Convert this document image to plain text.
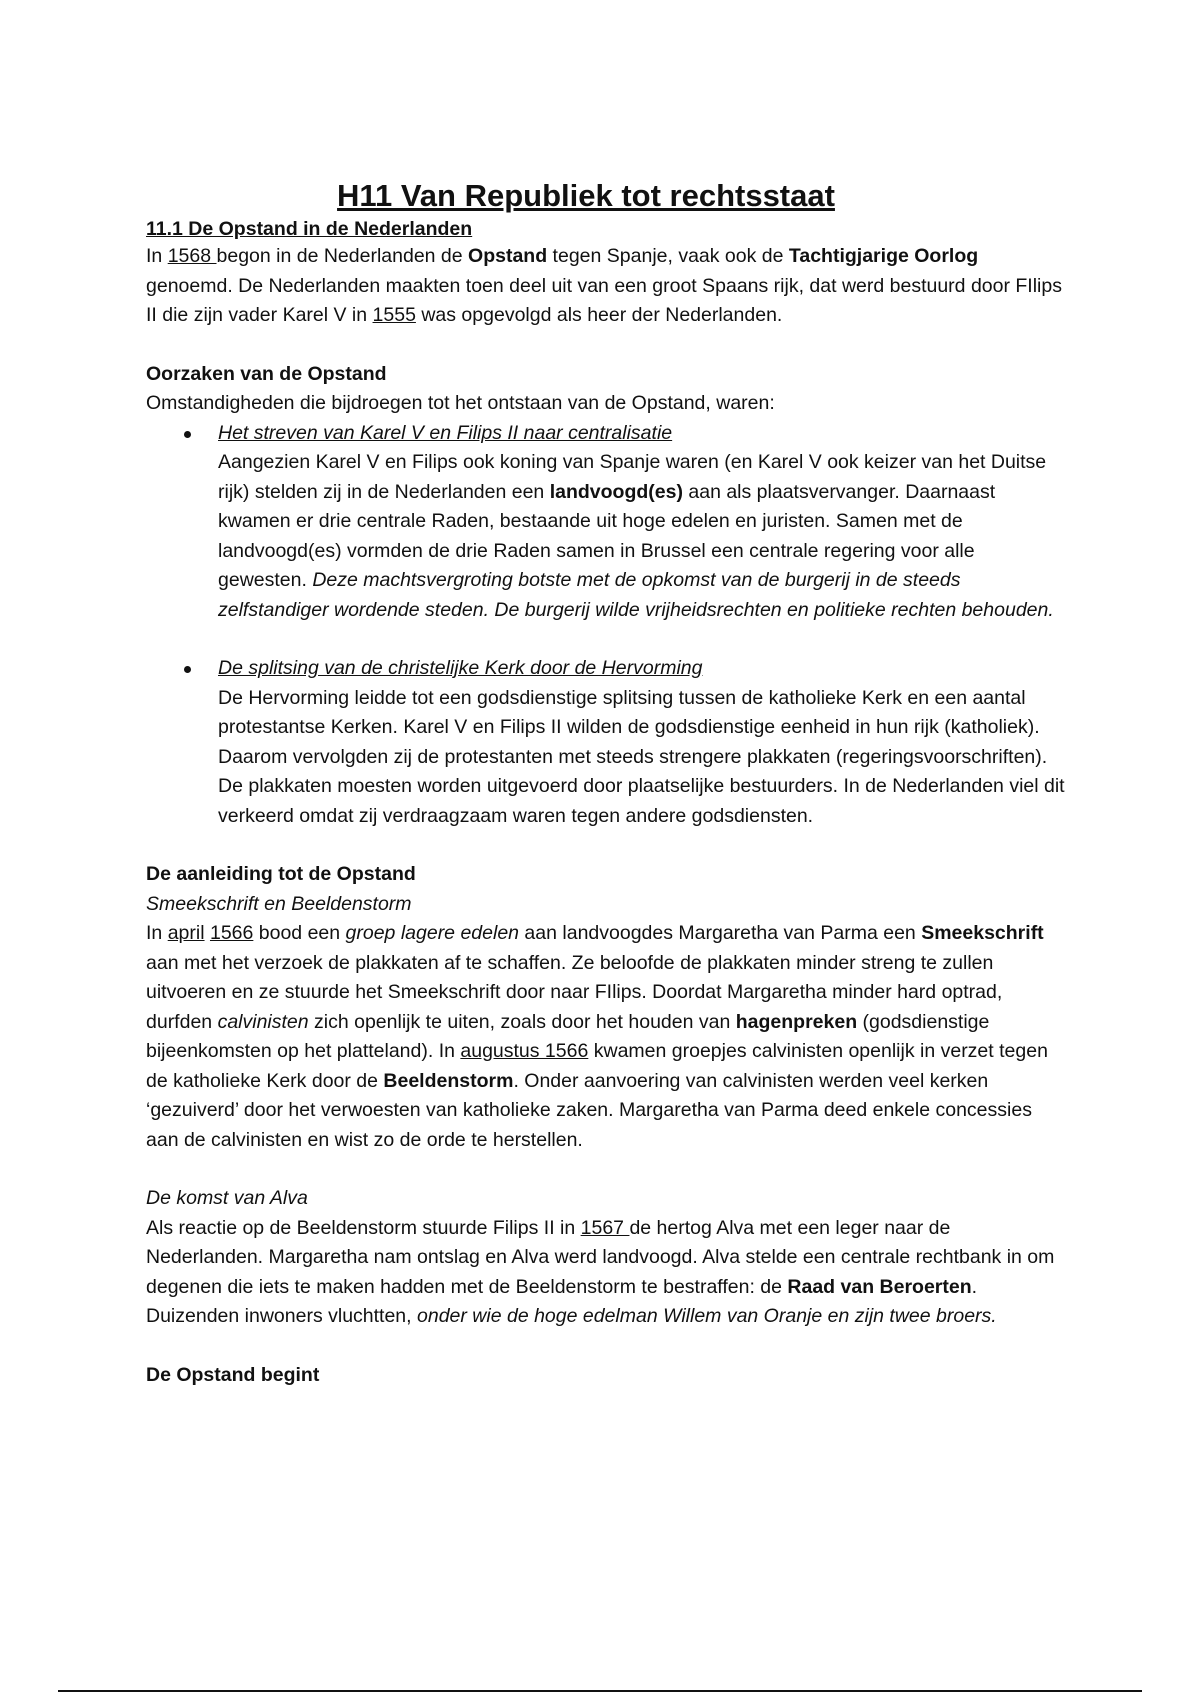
H11 Van Republiek tot rechtsstaat
11.1 De Opstand in de Nederlanden

In 1568 begon in de Nederlanden de Opstand tegen Spanje, vaak ook de Tachtigjarige Oorlog genoemd. De Nederlanden maakten toen deel uit van een groot Spaans rijk, dat werd bestuurd door FIlips II die zijn vader Karel V in 1555 was opgevolgd als heer der Nederlanden.

Oorzaken van de Opstand

Omstandigheden die bijdroegen tot het ontstaan van de Opstand, waren:

Het streven van Karel V en Filips II naar centralisatie
Aangezien Karel V en Filips ook koning van Spanje waren (en Karel V ook keizer van het Duitse rijk) stelden zij in de Nederlanden een landvoogd(es) aan als plaatsvervanger. Daarnaast kwamen er drie centrale Raden, bestaande uit hoge edelen en juristen. Samen met de landvoogd(es) vormden de drie Raden samen in Brussel een centrale regering voor alle gewesten. Deze machtsvergroting botste met de opkomst van de burgerij in de steeds zelfstandiger wordende steden. De burgerij wilde vrijheidsrechten en politieke rechten behouden.
De splitsing van de christelijke Kerk door de Hervorming
De Hervorming leidde tot een godsdienstige splitsing tussen de katholieke Kerk en een aantal protestantse Kerken. Karel V en Filips II wilden de godsdienstige eenheid in hun rijk (katholiek). Daarom vervolgden zij de protestanten met steeds strengere plakkaten (regeringsvoorschriften). De plakkaten moesten worden uitgevoerd door plaatselijke bestuurders. In de Nederlanden viel dit verkeerd omdat zij verdraagzaam waren tegen andere godsdiensten.

De aanleiding tot de Opstand

Smeekschrift en Beeldenstorm

In april 1566 bood een groep lagere edelen aan landvoogdes Margaretha van Parma een Smeekschrift aan met het verzoek de plakkaten af te schaffen. Ze beloofde de plakkaten minder streng te zullen uitvoeren en ze stuurde het Smeekschrift door naar FIlips. Doordat Margaretha minder hard optrad, durfden calvinisten zich openlijk te uiten, zoals door het houden van hagenpreken (godsdienstige bijeenkomsten op het platteland). In augustus 1566 kwamen groepjes calvinisten openlijk in verzet tegen de katholieke Kerk door de Beeldenstorm. Onder aanvoering van calvinisten werden veel kerken ‘gezuiverd’ door het verwoesten van katholieke zaken. Margaretha van Parma deed enkele concessies aan de calvinisten en wist zo de orde te herstellen.

De komst van Alva

Als reactie op de Beeldenstorm stuurde Filips II in 1567 de hertog Alva met een leger naar de Nederlanden. Margaretha nam ontslag en Alva werd landvoogd. Alva stelde een centrale rechtbank in om degenen die iets te maken hadden met de Beeldenstorm te bestraffen: de Raad van Beroerten. Duizenden inwoners vluchtten, onder wie de hoge edelman Willem van Oranje en zijn twee broers.

De Opstand begint
